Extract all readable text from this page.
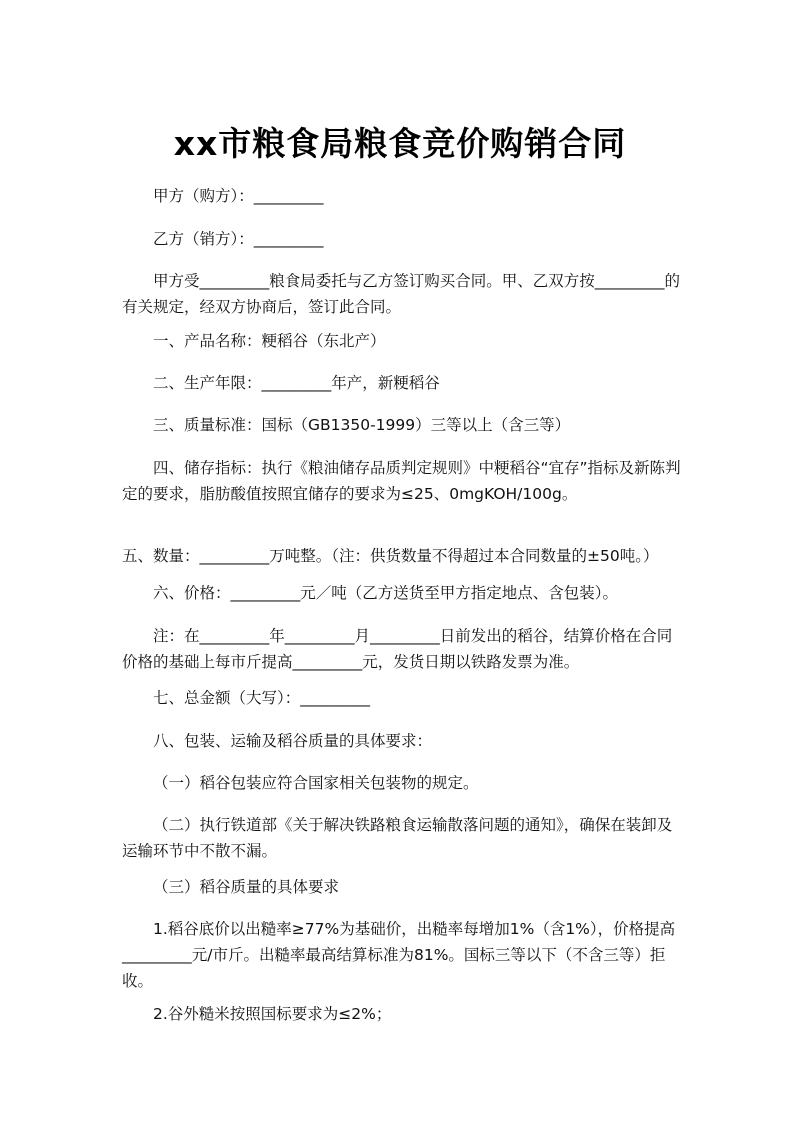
xx市粮食局粮食竞价购销合同
甲方（购方）：_________
乙方（销方）：_________
甲方受_________粮食局委托与乙方签订购买合同。甲、乙双方按_________的有关规定，经双方协商后，签订此合同。
一、产品名称：粳稻谷（东北产）
二、生产年限：_________年产，新粳稻谷
三、质量标准：国标（GB1350-1999）三等以上（含三等）
四、储存指标：执行《粮油储存品质判定规则》中粳稻谷“宜存”指标及新陈判定的要求，脂肪酸值按照宜储存的要求为≤25、0mgKOH/100g。
五、数量：_________万吨整。（注：供货数量不得超过本合同数量的±50吨。）
六、价格：_________元／吨（乙方送货至甲方指定地点、含包装）。
注：在_________年_________月_________日前发出的稻谷，结算价格在合同价格的基础上每市斤提高_________元，发货日期以铁路发票为准。
七、总金额（大写）：_________
八、包装、运输及稻谷质量的具体要求：
（一）稻谷包装应符合国家相关包装物的规定。
（二）执行铁道部《关于解决铁路粮食运输散落问题的通知》，确保在装卸及运输环节中不散不漏。
（三）稻谷质量的具体要求
1.稻谷底价以出糙率≥77%为基础价，出糙率每增加1%（含1%），价格提高_________元/市斤。出糙率最高结算标准为81%。国标三等以下（不含三等）拒收。
2.谷外糙米按照国标要求为≤2%；
